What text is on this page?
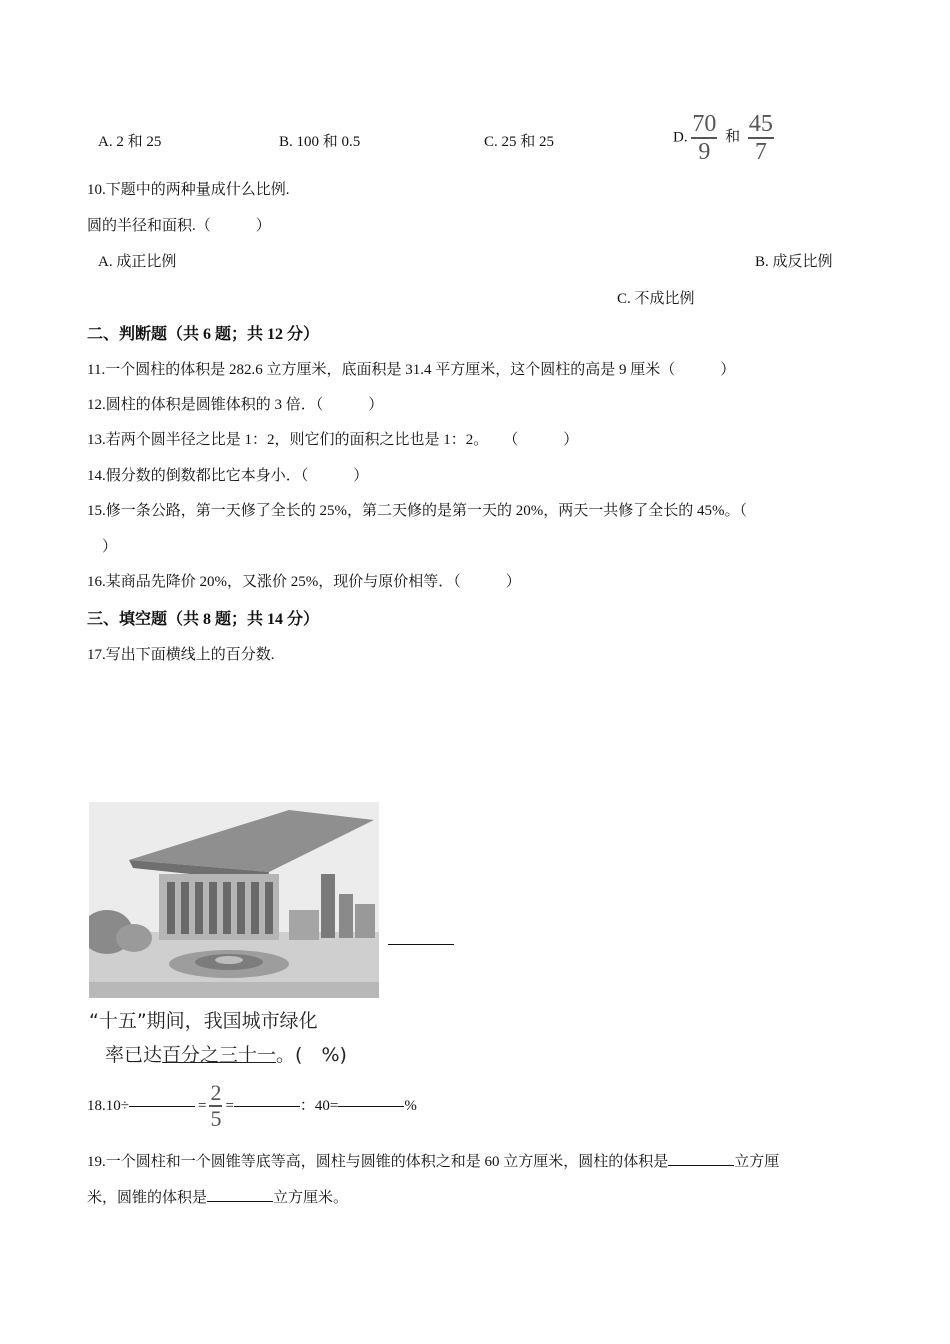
A. 2 和 25	B. 100 和 0.5	C. 25 和 25	D. $\frac{70}{9}$ 和 $\frac{45}{7}$
10.下题中的两种量成什么比例.
圆的半径和面积.（　　　）
A. 成正比例	B. 成反比例
C. 不成比例
二、判断题（共 6 题；共 12 分）
11.一个圆柱的体积是 282.6 立方厘米，底面积是 31.4 平方厘米，这个圆柱的高是 9 厘米（　　　）
12.圆柱的体积是圆锥体积的 3 倍．（　　　）
13.若两个圆半径之比是 1：2，则它们的面积之比也是 1：2。　　（　　　）
14.假分数的倒数都比它本身小．（　　　）
15.修一条公路，第一天修了全长的 25%，第二天修的是第一天的 20%，两天一共修了全长的 45%。（
　）
16.某商品先降价 20%，又涨价 25%，现价与原价相等．（　　　）
三、填空题（共 8 题；共 14 分）
17.写出下面横线上的百分数.
“十五”期间，我国城市绿化
率已达百分之三十一。(　%)
18.10÷	= $\frac{2}{5}$ =	：40=	%
19.一个圆柱和一个圆锥等底等高，圆柱与圆锥的体积之和是 60 立方厘米，圆柱的体积是	立方厘
米，圆锥的体积是	立方厘米。
